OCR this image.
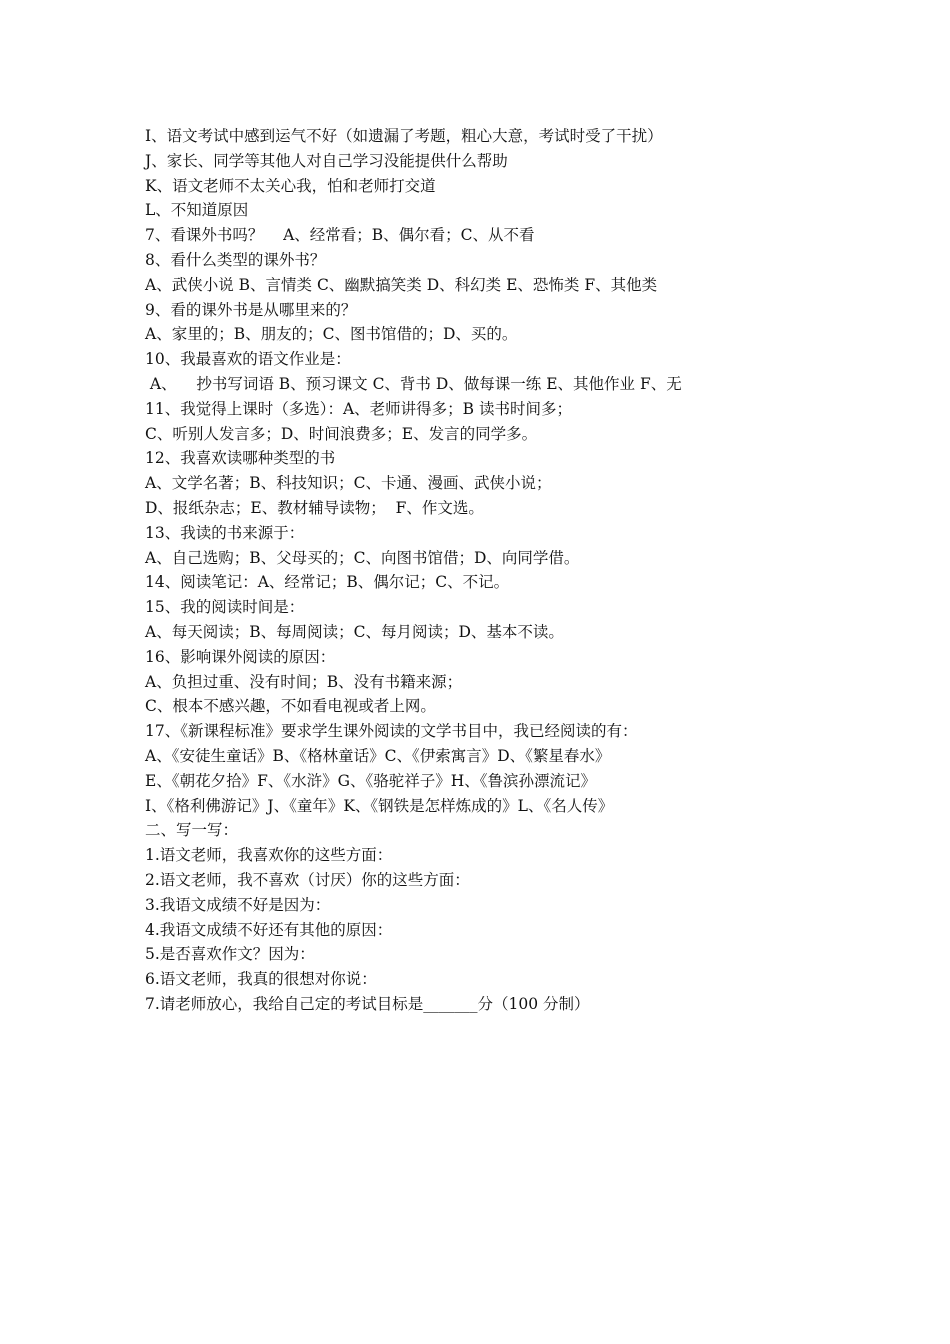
I、语文考试中感到运气不好（如遗漏了考题，粗心大意，考试时受了干扰）
J、家长、同学等其他人对自己学习没能提供什么帮助
K、语文老师不太关心我，怕和老师打交道
L、不知道原因
7、看课外书吗？    A、经常看；B、偶尔看；C、从不看
8、看什么类型的课外书？
A、武侠小说 B、言情类 C、幽默搞笑类 D、科幻类 E、恐怖类 F、其他类
9、看的课外书是从哪里来的？
A、家里的；B、朋友的；C、图书馆借的；D、买的。
10、我最喜欢的语文作业是：
A、    抄书写词语 B、预习课文 C、背书 D、做每课一练 E、其他作业 F、无
11、我觉得上课时（多选）：A、老师讲得多；B 读书时间多；
C、听别人发言多；D、时间浪费多；E、发言的同学多。
12、我喜欢读哪种类型的书
A、文学名著；B、科技知识；C、卡通、漫画、武侠小说；
D、报纸杂志；E、教材辅导读物；  F、作文选。
13、我读的书来源于：
A、自己选购；B、父母买的；C、向图书馆借；D、向同学借。
14、阅读笔记：A、经常记；B、偶尔记；C、不记。
15、我的阅读时间是：
A、每天阅读；B、每周阅读；C、每月阅读；D、基本不读。
16、影响课外阅读的原因：
A、负担过重、没有时间；B、没有书籍来源；
C、根本不感兴趣，不如看电视或者上网。
17、《新课程标准》要求学生课外阅读的文学书目中，我已经阅读的有：
A、《安徒生童话》B、《格林童话》C、《伊索寓言》D、《繁星春水》
E、《朝花夕拾》F、《水浒》G、《骆驼祥子》H、《鲁滨孙漂流记》
I、《格利佛游记》J、《童年》K、《钢铁是怎样炼成的》L、《名人传》
二、写一写：
1.语文老师，我喜欢你的这些方面：
2.语文老师，我不喜欢（讨厌）你的这些方面：
3.我语文成绩不好是因为：
4.我语文成绩不好还有其他的原因：
5.是否喜欢作文？因为：
6.语文老师，我真的很想对你说：
7.请老师放心，我给自己定的考试目标是_______分（100 分制）
